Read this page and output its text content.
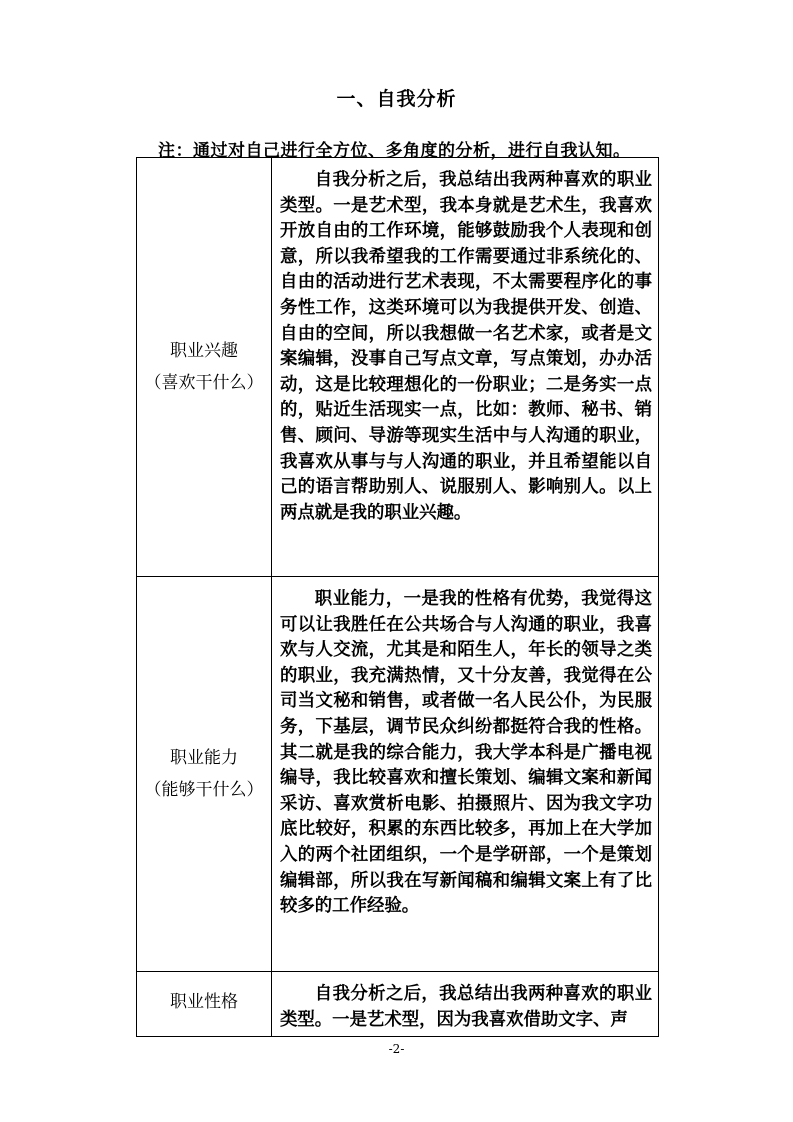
一、自我分析
注：通过对自己进行全方位、多角度的分析，进行自我认知。
职业兴趣
（喜欢干什么）	自我分析之后，我总结出我两种喜欢的职业类型。一是艺术型，我本身就是艺术生，我喜欢开放自由的工作环境，能够鼓励我个人表现和创意，所以我希望我的工作需要通过非系统化的、自由的活动进行艺术表现，不太需要程序化的事务性工作，这类环境可以为我提供开发、创造、自由的空间，所以我想做一名艺术家，或者是文案编辑，没事自己写点文章，写点策划，办办活动，这是比较理想化的一份职业；二是务实一点的，贴近生活现实一点，比如：教师、秘书、销售、顾问、导游等现实生活中与人沟通的职业，我喜欢从事与与人沟通的职业，并且希望能以自己的语言帮助别人、说服别人、影响别人。以上两点就是我的职业兴趣。

职业能力
（能够干什么）	职业能力，一是我的性格有优势，我觉得这可以让我胜任在公共场合与人沟通的职业，我喜欢与人交流，尤其是和陌生人，年长的领导之类的职业，我充满热情，又十分友善，我觉得在公司当文秘和销售，或者做一名人民公仆，为民服务，下基层，调节民众纠纷都挺符合我的性格。其二就是我的综合能力，我大学本科是广播电视编导，我比较喜欢和擅长策划、编辑文案和新闻采访、喜欢赏析电影、拍摄照片、因为我文字功底比较好，积累的东西比较多，再加上在大学加入的两个社团组织，一个是学研部，一个是策划编辑部，所以我在写新闻稿和编辑文案上有了比较多的工作经验。

职业性格	自我分析之后，我总结出我两种喜欢的职业类型。一是艺术型，因为我喜欢借助文字、声
-2-
